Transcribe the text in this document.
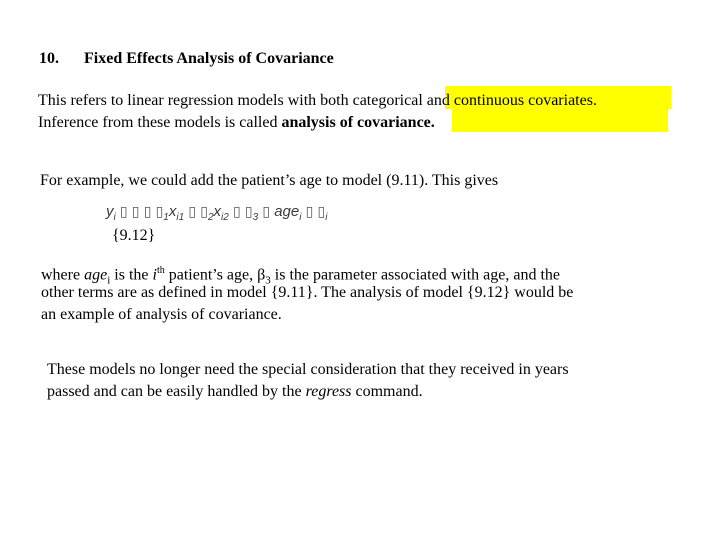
10. Fixed Effects Analysis of Covariance
This refers to linear regression models with both categorical and continuous covariates.
Inference from these models is called analysis of covariance.
For example, we could add the patient’s age to model (9.11). This gives
$y_i$ ▯ ▯ ▯ $▯_1x_{i1}$ ▯ $▯_2x_{i2}$ ▯ $▯_3$ ▯ age$_i$ ▯ $▯_i$
{9.12}
where age$_i$ is the $i^{th}$ patient’s age, $\beta_3$ is the parameter associated with age, and the
other terms are as defined in model {9.11}. The analysis of model {9.12} would be
an example of analysis of covariance.
These models no longer need the special consideration that they received in years
passed and can be easily handled by the regress command.
